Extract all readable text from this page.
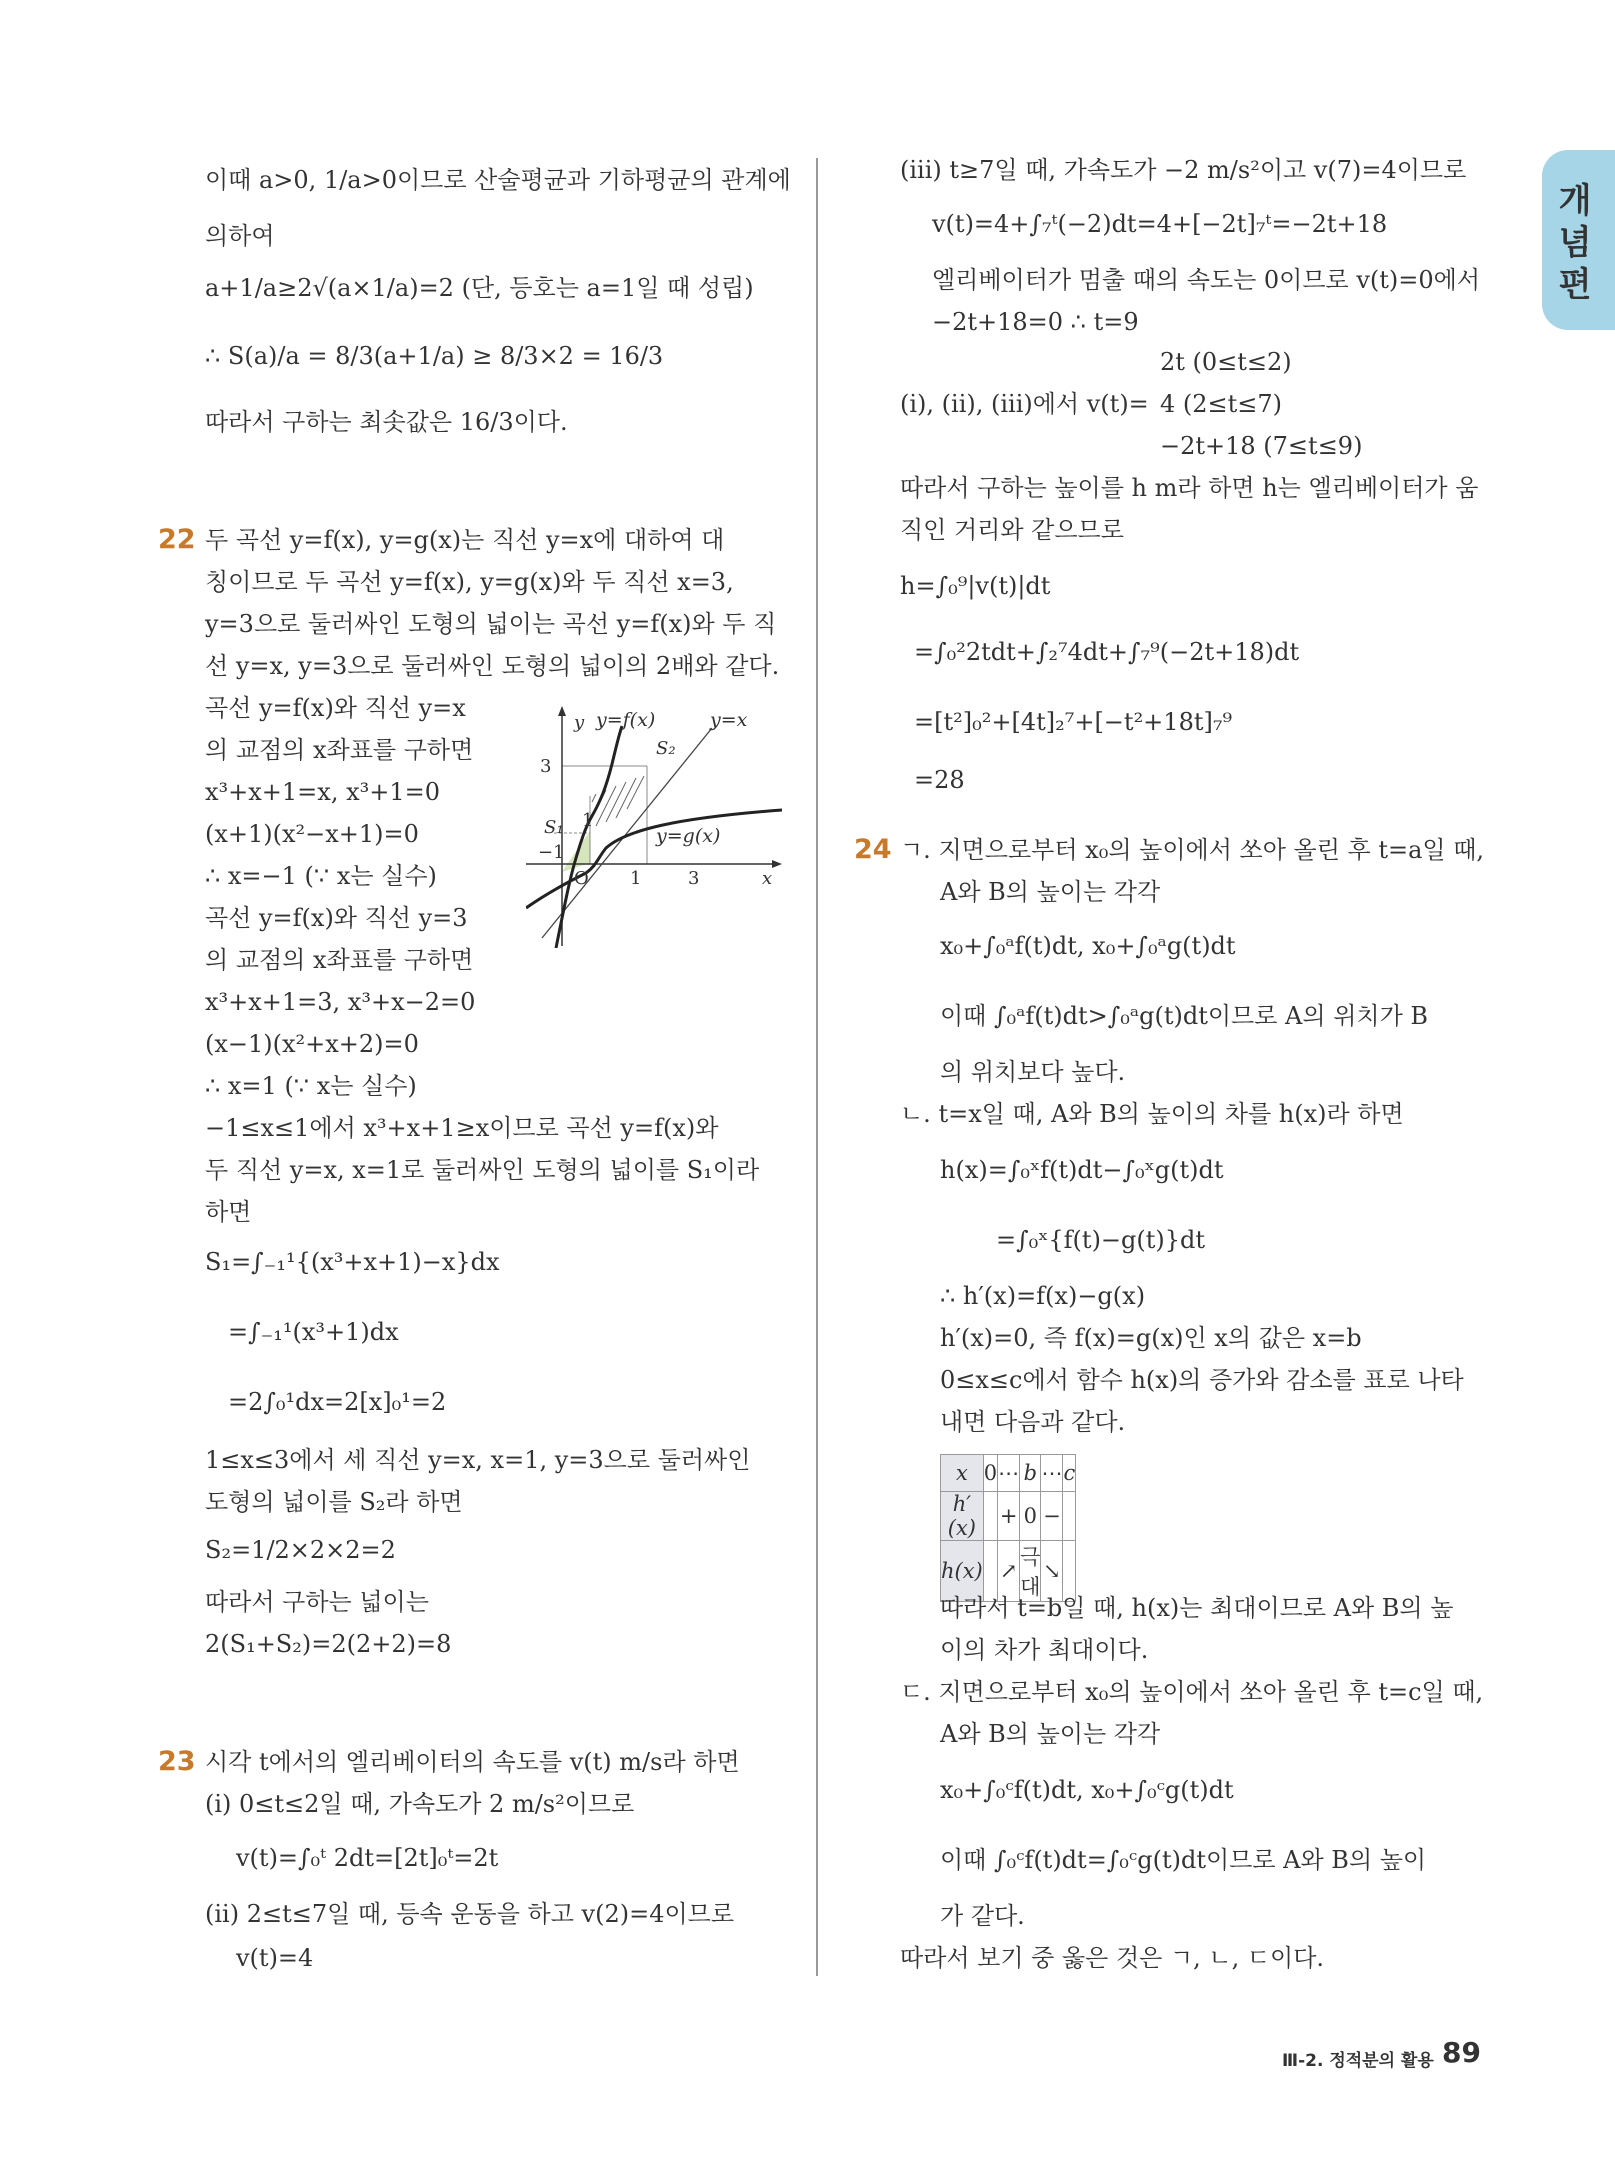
개념편
이때 a>0, 1/a>0이므로 산술평균과 기하평균의 관계에
의하여
a+1/a≥2√(a×1/a)=2 (단, 등호는 a=1일 때 성립)
∴ S(a)/a = 8/3(a+1/a) ≥ 8/3×2 = 16/3
따라서 구하는 최솟값은 16/3이다.
22 두 곡선 y=f(x), y=g(x)는 직선 y=x에 대하여 대
칭이므로 두 곡선 y=f(x), y=g(x)와 두 직선 x=3,
y=3으로 둘러싸인 도형의 넓이는 곡선 y=f(x)와 두 직
선 y=x, y=3으로 둘러싸인 도형의 넓이의 2배와 같다.
곡선 y=f(x)와 직선 y=x
의 교점의 x좌표를 구하면
x³+x+1=x, x³+1=0
(x+1)(x²−x+1)=0
∴ x=−1 (∵ x는 실수)
곡선 y=f(x)와 직선 y=3
의 교점의 x좌표를 구하면
x³+x+1=3, x³+x−2=0
(x−1)(x²+x+2)=0
∴ x=1 (∵ x는 실수)
−1≤x≤1에서 x³+x+1≥x이므로 곡선 y=f(x)와
두 직선 y=x, x=1로 둘러싸인 도형의 넓이를 S₁이라
하면
S₁=∫₋₁¹{(x³+x+1)−x}dx
=∫₋₁¹(x³+1)dx
=2∫₀¹dx=2[x]₀¹=2
1≤x≤3에서 세 직선 y=x, x=1, y=3으로 둘러싸인
도형의 넓이를 S₂라 하면
S₂=1/2×2×2=2
따라서 구하는 넓이는
2(S₁+S₂)=2(2+2)=8
23 시각 t에서의 엘리베이터의 속도를 v(t) m/s라 하면
(i) 0≤t≤2일 때, 가속도가 2 m/s²이므로
v(t)=∫₀ᵗ 2dt=[2t]₀ᵗ=2t
(ii) 2≤t≤7일 때, 등속 운동을 하고 v(2)=4이므로
v(t)=4
y y=f(x)	y=x
y=g(x)
S₁
S₂
O
3
1
−1
1	3	x
(iii) t≥7일 때, 가속도가 −2 m/s²이고 v(7)=4이므로
v(t)=4+∫₇ᵗ(−2)dt=4+[−2t]₇ᵗ=−2t+18
엘리베이터가 멈출 때의 속도는 0이므로 v(t)=0에서
−2t+18=0 ∴ t=9
(i), (ii), (iii)에서 v(t)=
2t (0≤t≤2)
4 (2≤t≤7)
−2t+18 (7≤t≤9)
따라서 구하는 높이를 h m라 하면 h는 엘리베이터가 움
직인 거리와 같으므로
h=∫₀⁹|v(t)|dt
=∫₀²2tdt+∫₂⁷4dt+∫₇⁹(−2t+18)dt
=[t²]₀²+[4t]₂⁷+[−t²+18t]₇⁹
=28
24 ㄱ. 지면으로부터 x₀의 높이에서 쏘아 올린 후 t=a일 때,
A와 B의 높이는 각각
x₀+∫₀ᵃf(t)dt, x₀+∫₀ᵃg(t)dt
이때 ∫₀ᵃf(t)dt>∫₀ᵃg(t)dt이므로 A의 위치가 B
의 위치보다 높다.
ㄴ. t=x일 때, A와 B의 높이의 차를 h(x)라 하면
h(x)=∫₀ˣf(t)dt−∫₀ˣg(t)dt
=∫₀ˣ{f(t)−g(t)}dt
∴ h′(x)=f(x)−g(x)
h′(x)=0, 즉 f(x)=g(x)인 x의 값은 x=b
0≤x≤c에서 함수 h(x)의 증가와 감소를 표로 나타
내면 다음과 같다.
x	0	⋯	b	⋯	c
h′(x)		+	0	−	
h(x)		↗	극대	↘	
따라서 t=b일 때, h(x)는 최대이므로 A와 B의 높
이의 차가 최대이다.
ㄷ. 지면으로부터 x₀의 높이에서 쏘아 올린 후 t=c일 때,
A와 B의 높이는 각각
x₀+∫₀ᶜf(t)dt, x₀+∫₀ᶜg(t)dt
이때 ∫₀ᶜf(t)dt=∫₀ᶜg(t)dt이므로 A와 B의 높이
가 같다.
따라서 보기 중 옳은 것은 ㄱ, ㄴ, ㄷ이다.
Ⅲ-2. 정적분의 활용 89
